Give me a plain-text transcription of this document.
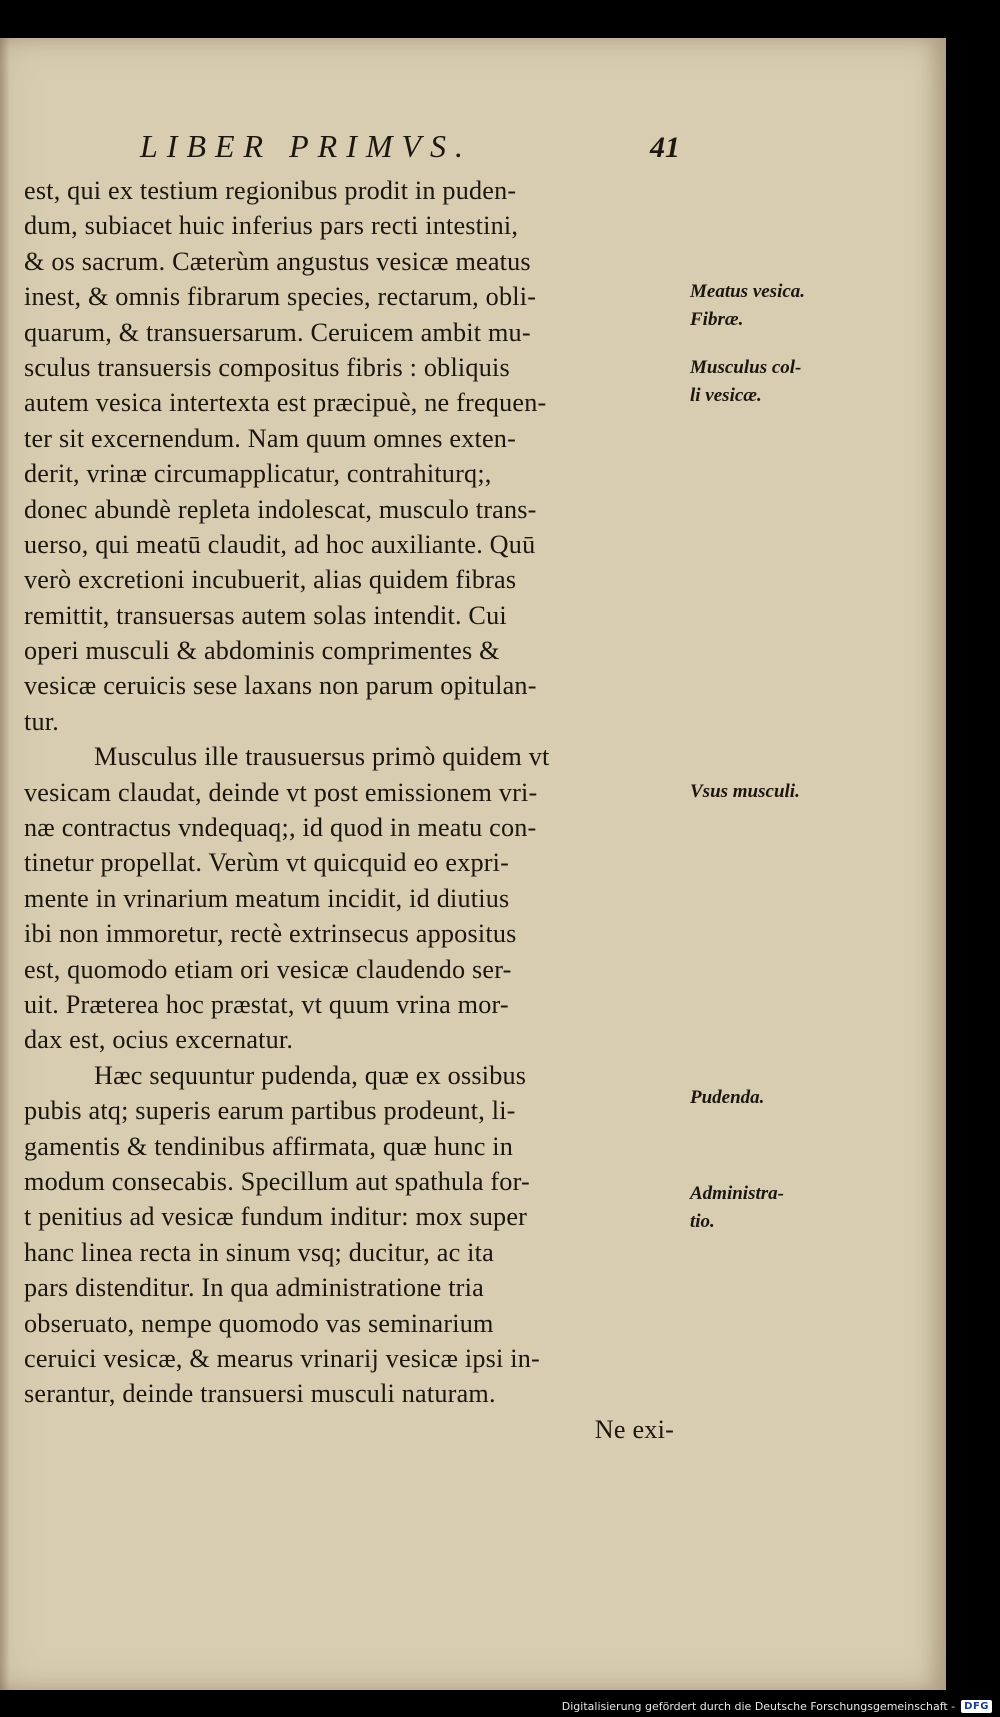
LIBER PRIMVS.	41
est, qui ex testium regionibus prodit in puden-
dum, subiacet huic inferius pars recti intestini,
& os sacrum. Cæterùm angustus vesicæ meatus
inest, & omnis fibrarum species, rectarum, obli-
quarum, & transuersarum. Ceruicem ambit mu-
sculus transuersis compositus fibris : obliquis
autem vesica intertexta est præcipuè, ne frequen-
ter sit excernendum. Nam quum omnes exten-
derit, vrinæ circumapplicatur, contrahiturq;,
donec abundè repleta indolescat, musculo trans-
uerso, qui meatū claudit, ad hoc auxiliante. Quū
verò excretioni incubuerit, alias quidem fibras
remittit, transuersas autem solas intendit. Cui
operi musculi & abdominis comprimentes &
vesicæ ceruicis sese laxans non parum opitulan-
tur.
Musculus ille trausuersus primò quidem vt
vesicam claudat, deinde vt post emissionem vri-
næ contractus vndequaq;, id quod in meatu con-
tinetur propellat. Verùm vt quicquid eo expri-
mente in vrinarium meatum incidit, id diutius
ibi non immoretur, rectè extrinsecus appositus
est, quomodo etiam ori vesicæ claudendo ser-
uit. Præterea hoc præstat, vt quum vrina mor-
dax est, ocius excernatur.
Hæc sequuntur pudenda, quæ ex ossibus
pubis atq; superis earum partibus prodeunt, li-
gamentis & tendinibus affirmata, quæ hunc in
modum consecabis. Specillum aut spathula for-
t penitius ad vesicæ fundum inditur: mox super
hanc linea recta in sinum vsq; ducitur, ac ita
pars distenditur. In qua administratione tria
obseruato, nempe quomodo vas seminarium
ceruici vesicæ, & mearus vrinarij vesicæ ipsi in-
serantur, deinde transuersi musculi naturam.
Ne exi-
Meatus vesica.
Fibræ.
Musculus col-
li vesicæ.
Vsus musculi.
Pudenda.
Administra-
tio.
Digitalisierung gefördert durch die Deutsche Forschungsgemeinschaft - DFG
